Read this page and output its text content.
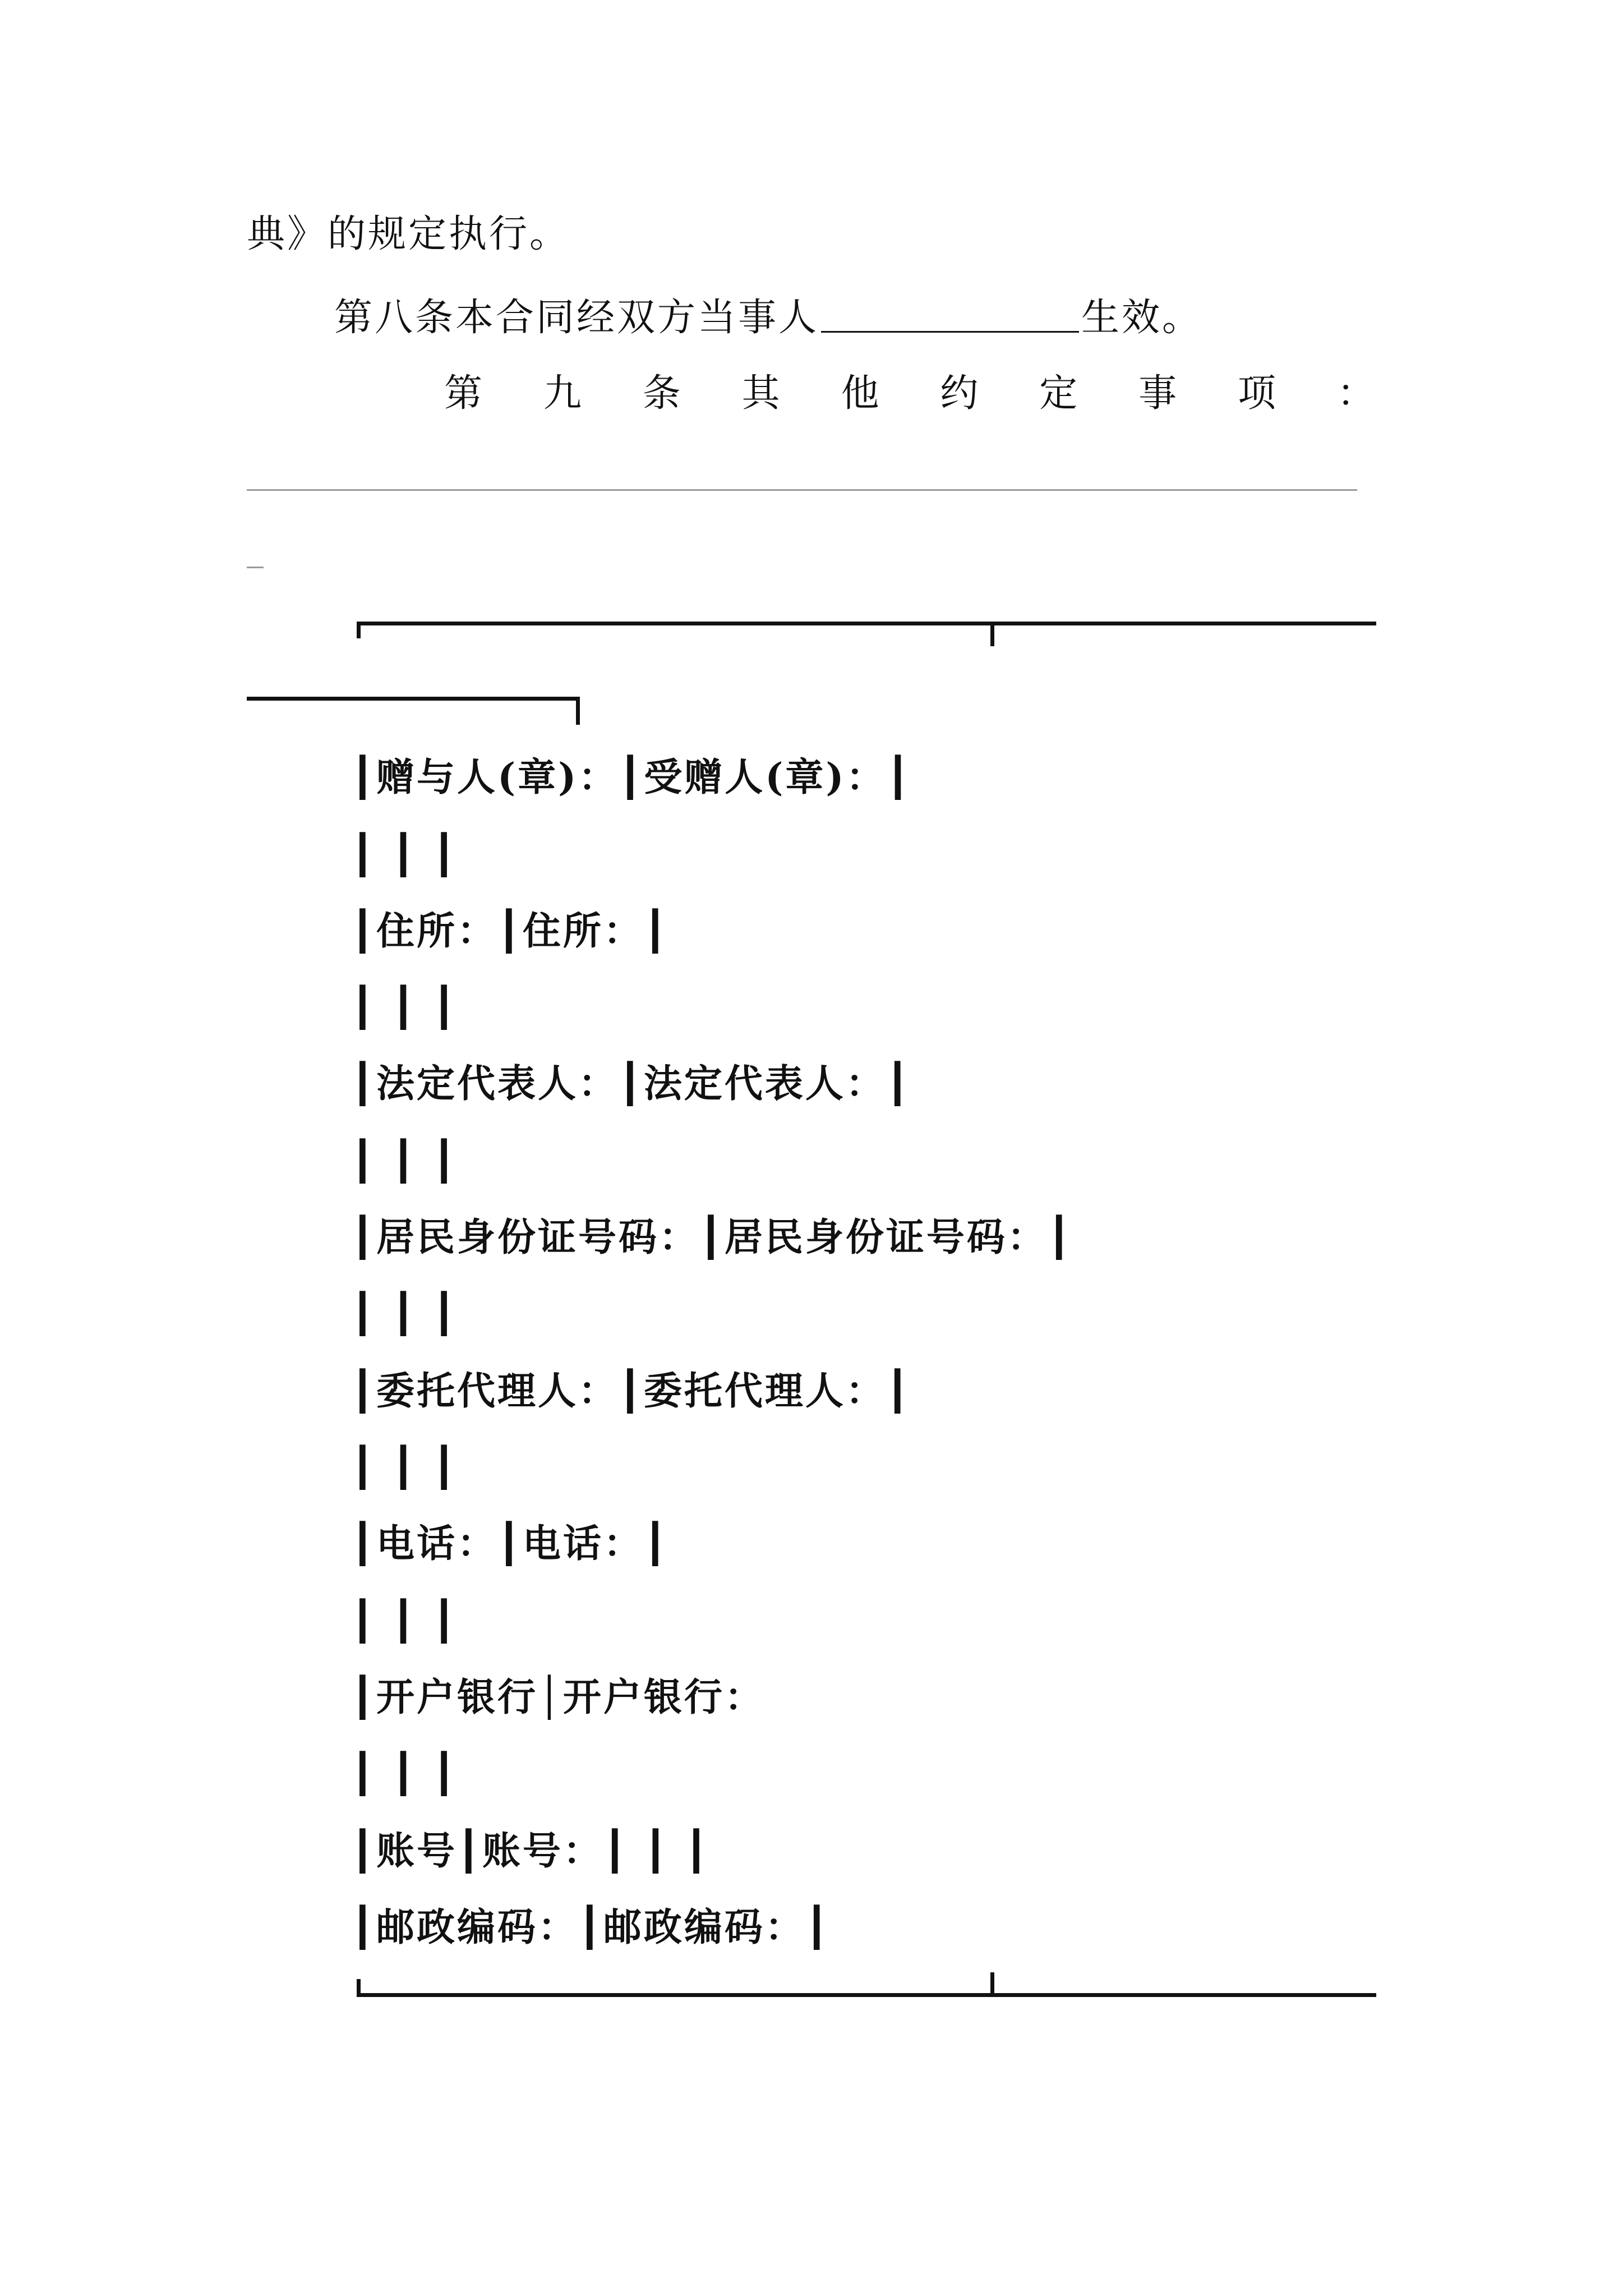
典》的规定执行。
第八条本合同经双方当事人	生效。
第 九 条 其 他 约 定 事 项 ：
┃赠与人(章)：┃受赠人(章)：┃
┃ ┃ ┃
┃住所：┃住所：┃
┃ ┃ ┃
┃法定代表人：┃法定代表人：┃
┃ ┃ ┃
┃居民身份证号码：┃居民身份证号码：┃
┃ ┃ ┃
┃委托代理人：┃委托代理人：┃
┃ ┃ ┃
┃电话：┃电话：┃
┃ ┃ ┃
┃开户银行│开户银行：
┃ ┃ ┃
┃账号┃账号：┃ ┃ ┃
┃邮政编码：┃邮政编码：┃
